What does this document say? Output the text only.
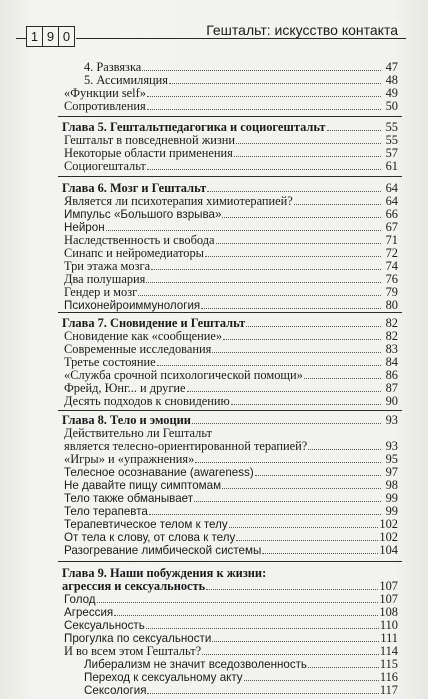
1 9 0	Гештальт: искусство контакта
4. Развязка	47
5. Ассимиляция	48
«Функции self»	49
Сопротивления	50
Глава 5. Гештальтпедагогика и социогештальт	55
Гештальт в повседневной жизни	55
Некоторые области применения	57
Социогештальт	61
Глава 6. Мозг и Гештальт	64
Является ли психотерапия химиотерапией?	64
Импульс «Большого взрыва»	66
Нейрон	67
Наследственность и свобода	71
Синапс и нейромедиаторы	72
Три этажа мозга	74
Два полушария	76
Гендер и мозг	79
Психонейроиммунология	80
Глава 7. Сновидение и Гештальт	82
Сновидение как «сообщение»	82
Современные исследования	83
Третье состояние	84
«Служба срочной психологической помощи»	86
Фрейд, Юнг... и другие	87
Десять подходов к сновидению	90
Глава 8. Тело и эмоции	93
Действительно ли Гештальт
является телесно-ориентированной терапией?	93
«Игры» и «упражнения»	95
Телесное осознавание (awareness)	97
Не давайте пищу симптомам	98
Тело также обманывает	99
Тело терапевта	99
Терапевтическое телом к телу	102
От тела к слову, от слова к телу	102
Разогревание лимбической системы	104
Глава 9. Наши побуждения к жизни:
агрессия и сексуальность	107
Голод	107
Агрессия	108
Сексуальность	110
Прогулка по сексуальности	111
И во всем этом Гештальт?	114
Либерализм не значит вседозволенность	115
Переход к сексуальному акту	116
Сексология	117
